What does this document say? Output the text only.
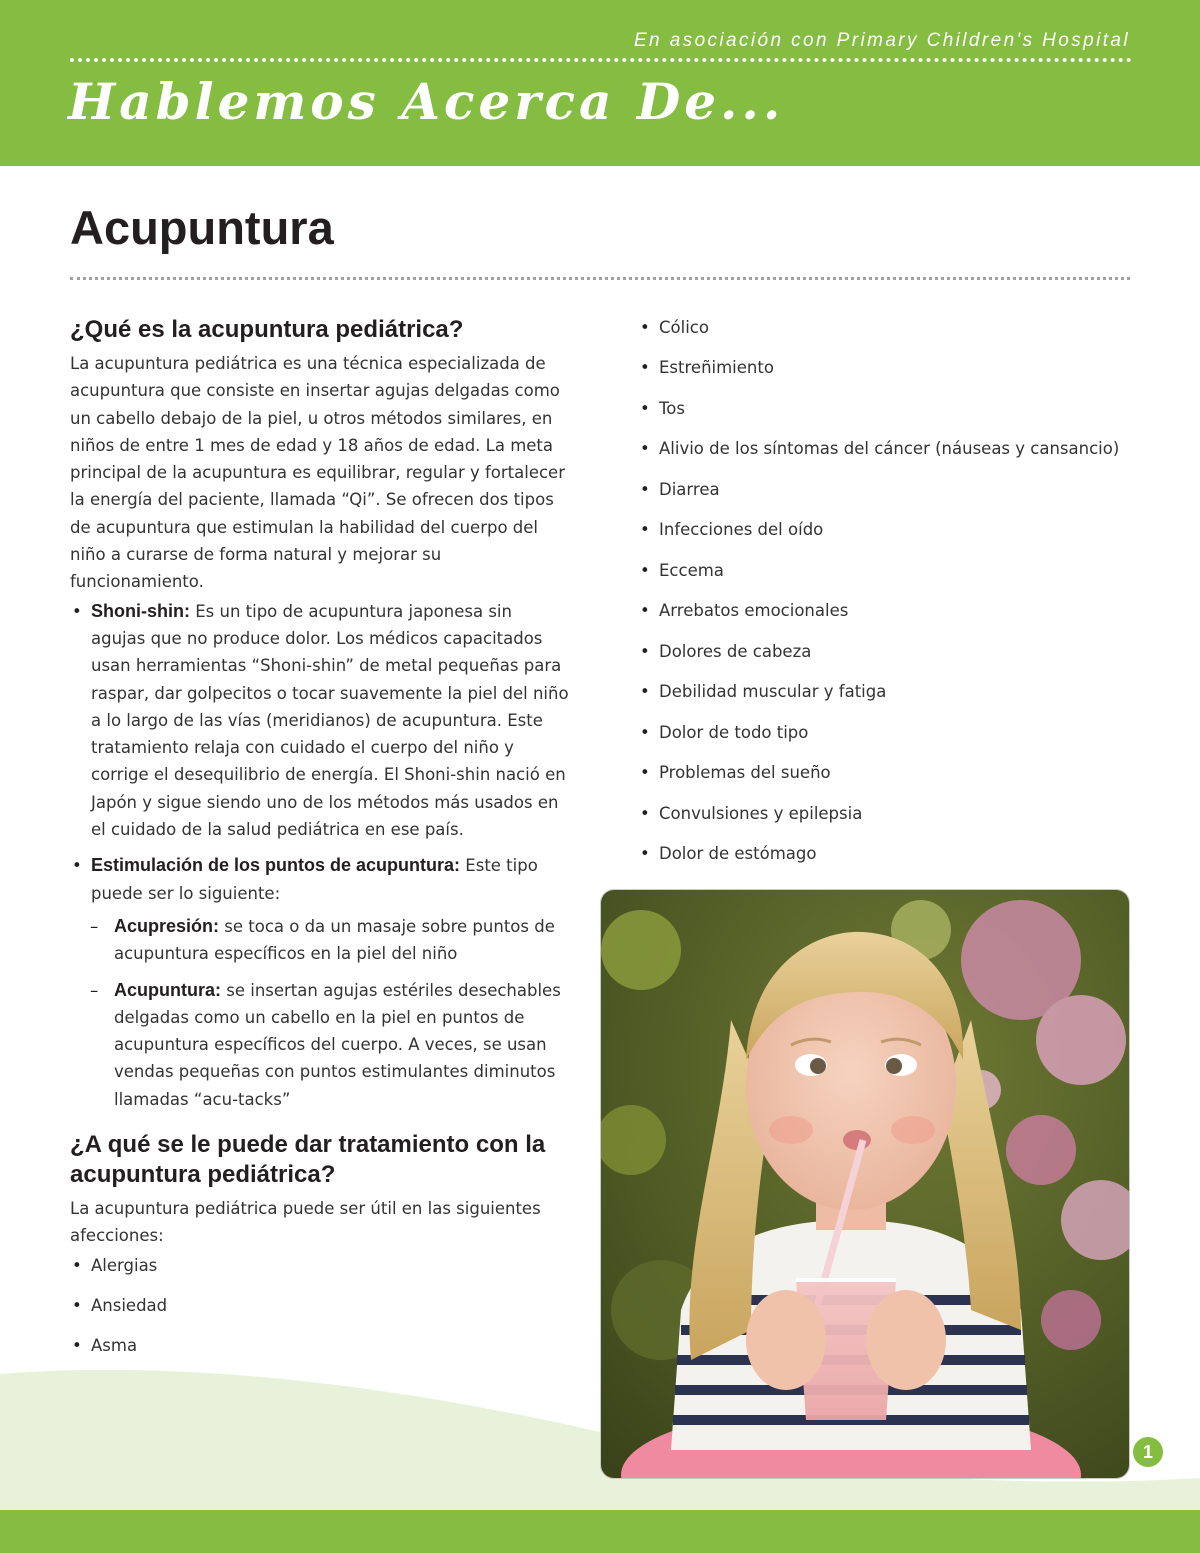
En asociación con Primary Children's Hospital
Hablemos Acerca De...
Acupuntura
¿Qué es la acupuntura pediátrica?

La acupuntura pediátrica es una técnica especializada de acupuntura que consiste en insertar agujas delgadas como un cabello debajo de la piel, u otros métodos similares, en niños de entre 1 mes de edad y 18 años de edad. La meta principal de la acupuntura es equilibrar, regular y fortalecer la energía del paciente, llamada “Qi”. Se ofrecen dos tipos de acupuntura que estimulan la habilidad del cuerpo del niño a curarse de forma natural y mejorar su funcionamiento.

• Shoni-shin: Es un tipo de acupuntura japonesa sin agujas que no produce dolor. Los médicos capacitados usan herramientas “Shoni-shin” de metal pequeñas para raspar, dar golpecitos o tocar suavemente la piel del niño a lo largo de las vías (meridianos) de acupuntura. Este tratamiento relaja con cuidado el cuerpo del niño y corrige el desequilibrio de energía. El Shoni-shin nació en Japón y sigue siendo uno de los métodos más usados en el cuidado de la salud pediátrica en ese país.
• Estimulación de los puntos de acupuntura: Este tipo puede ser lo siguiente:
– Acupresión: se toca o da un masaje sobre puntos de acupuntura específicos en la piel del niño
– Acupuntura: se insertan agujas estériles desechables delgadas como un cabello en la piel en puntos de acupuntura específicos del cuerpo. A veces, se usan vendas pequeñas con puntos estimulantes diminutos llamadas “acu-tacks”
¿A qué se le puede dar tratamiento con la acupuntura pediátrica?

La acupuntura pediátrica puede ser útil en las siguientes afecciones:

• Alergias
• Ansiedad
• Asma
•
•
• Cólico
• Estreñimiento
• Tos
• Alivio de los síntomas del cáncer (náuseas y cansancio)
• Diarrea
• Infecciones del oído
• Eccema
• Arrebatos emocionales
• Dolores de cabeza
• Debilidad muscular y fatiga
• Dolor de todo tipo
• Problemas del sueño
• Convulsiones y epilepsia
• Dolor de estómago
1
